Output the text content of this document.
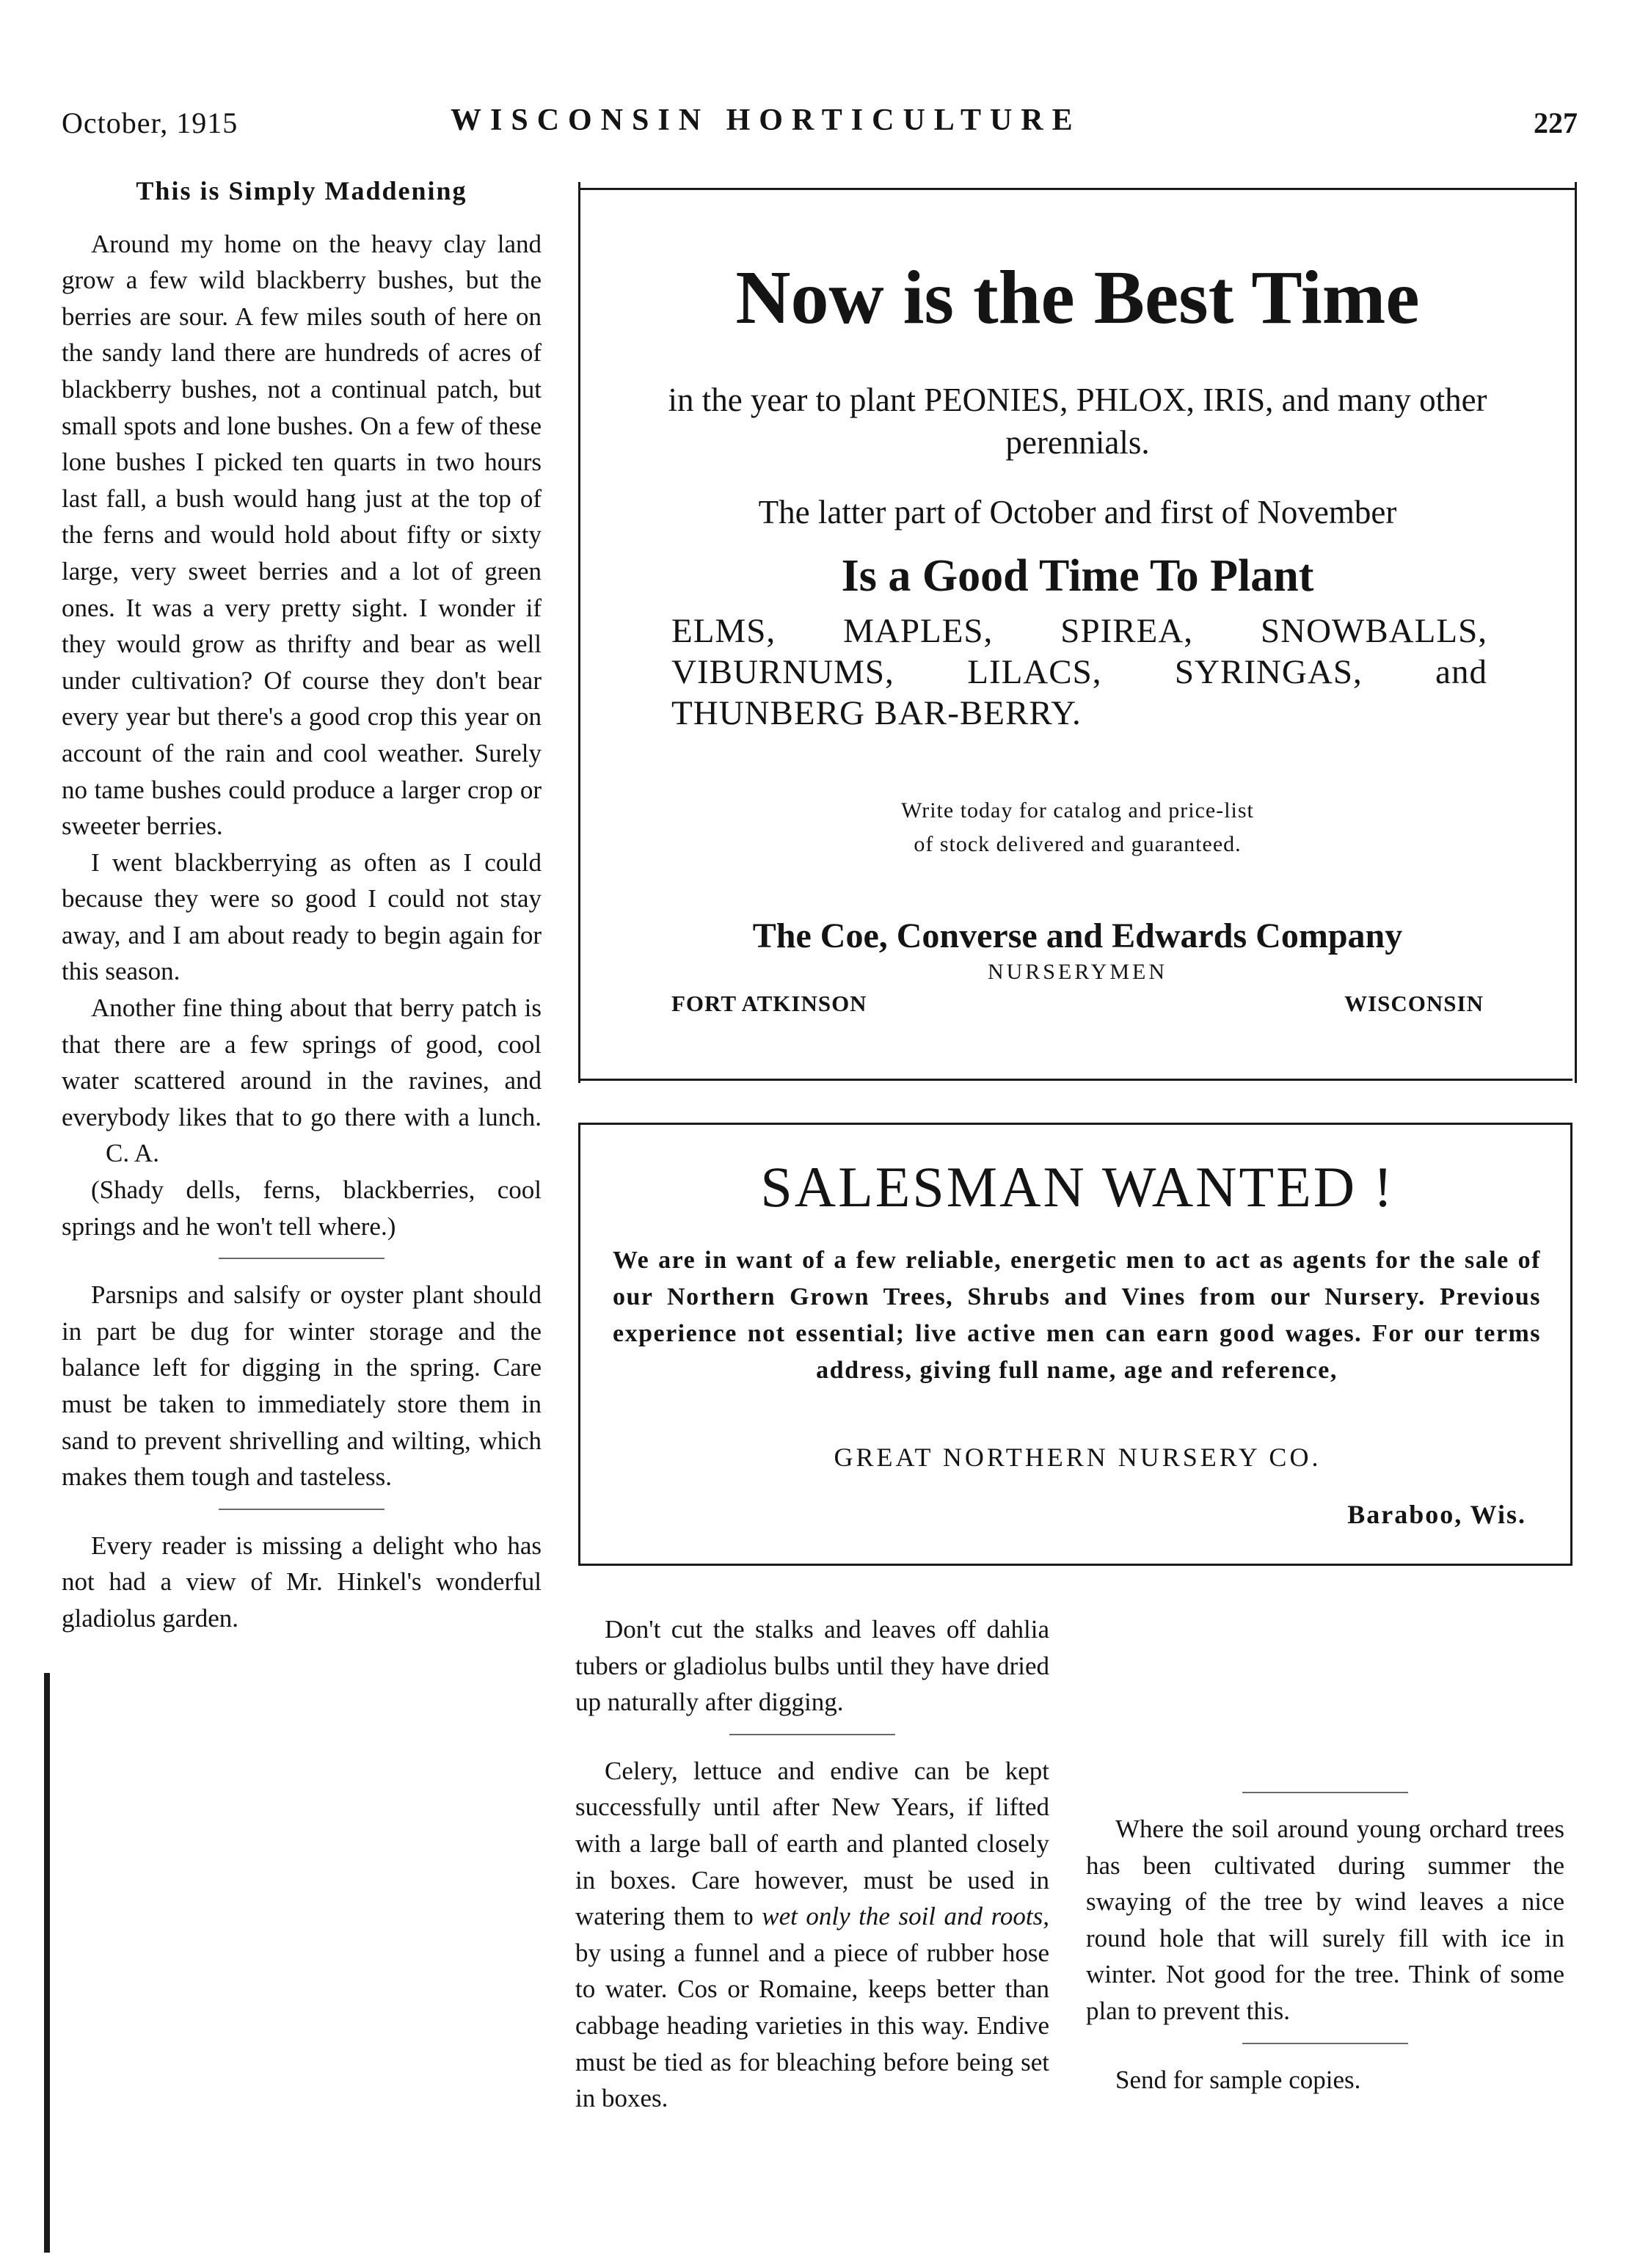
October, 1915	WISCONSIN HORTICULTURE	227
This is Simply Maddening

Around my home on the heavy clay land grow a few wild blackberry bushes, but the berries are sour. A few miles south of here on the sandy land there are hundreds of acres of blackberry bushes, not a continual patch, but small spots and lone bushes. On a few of these lone bushes I picked ten quarts in two hours last fall, a bush would hang just at the top of the ferns and would hold about fifty or sixty large, very sweet berries and a lot of green ones. It was a very pretty sight. I wonder if they would grow as thrifty and bear as well under cultivation? Of course they don't bear every year but there's a good crop this year on account of the rain and cool weather. Surely no tame bushes could produce a larger crop or sweeter berries.

I went blackberrying as often as I could because they were so good I could not stay away, and I am about ready to begin again for this season.

Another fine thing about that berry patch is that there are a few springs of good, cool water scattered around in the ravines, and everybody likes that to go there with a lunch. C. A.

(Shady dells, ferns, blackberries, cool springs and he won't tell where.)

Parsnips and salsify or oyster plant should in part be dug for winter storage and the balance left for digging in the spring. Care must be taken to immediately store them in sand to prevent shrivelling and wilting, which makes them tough and tasteless.

Every reader is missing a delight who has not had a view of Mr. Hinkel's wonderful gladiolus garden.

Now is the Best Time
in the year to plant PEONIES, PHLOX, IRIS, and many other perennials.
The latter part of October and first of November
Is a Good Time To Plant
ELMS, MAPLES, SPIREA, SNOWBALLS, VIBURNUMS, LILACS, SYRINGAS, and THUNBERG BAR-BERRY.
Write today for catalog and price-list
of stock delivered and guaranteed.
The Coe, Converse and Edwards Company
NURSERYMEN
FORT ATKINSON	WISCONSIN
SALESMAN WANTED !
We are in want of a few reliable, energetic men to act as agents for the sale of our Northern Grown Trees, Shrubs and Vines from our Nursery. Previous experience not essential; live active men can earn good wages. For our terms address, giving full name, age and reference,
GREAT NORTHERN NURSERY CO.
Baraboo, Wis.

Don't cut the stalks and leaves off dahlia tubers or gladiolus bulbs until they have dried up naturally after digging.

Celery, lettuce and endive can be kept successfully until after New Years, if lifted with a large ball of earth and planted closely in boxes. Care however, must be used in watering them to wet only the soil and roots, by using a funnel and a piece of rubber hose to water. Cos or Romaine, keeps better than cabbage heading varieties in this way. Endive must be tied as for bleaching before being set in boxes.

Where the soil around young orchard trees has been cultivated during summer the swaying of the tree by wind leaves a nice round hole that will surely fill with ice in winter. Not good for the tree. Think of some plan to prevent this.

Send for sample copies.
